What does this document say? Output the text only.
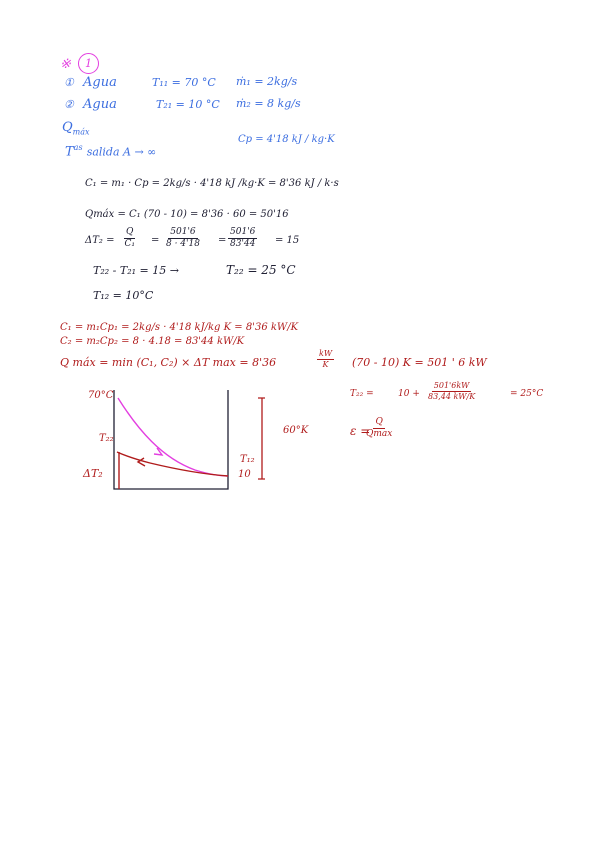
※	1
① Agua	T₁₁ = 70 °C ṁ₁ = 2kg/s
② Agua	T₂₁ = 10 °C ṁ₂ = 8 kg/s
$Q_{máx}$
Cp = 4'18 kJ / kg·K
$T^{as}$ salida A → ∞
C₁ = m₁ · Cp = 2kg/s · 4'18 kJ /kg·K = 8'36 kJ / k·s
Qmáx = C₁ (70 - 10) = 8'36 · 60 = 50'16
$\Delta T_2 = \frac{Q}{\text{C₁}} = \frac{501'6}{8 \cdot 4'18} = \frac{501'6}{83'44} = 15$
T₂₂ - T₂₁ = 15 →	T₂₂ = 25 °C
T₁₂ = 10°C
C₁ = m₁Cp₁ = 2kg/s · 4'18 kJ/kg K = 8'36 kW/K
C₂ = m₂Cp₂ = 8 · 4.18 = 83'44 kW/K
Q máx = min (C₁, C₂) × ΔT max = 8'36	$\frac{kW}{K} (70 - 10) K = 501$ ' 6 kW
70°C
T₂₂
ΔT₂
T₁₂
10
60°K
T₂₂ =	$10 + \frac{501'6kW}{83,44 kW/K}$	= 25°C
ε =
Q
Qmax
